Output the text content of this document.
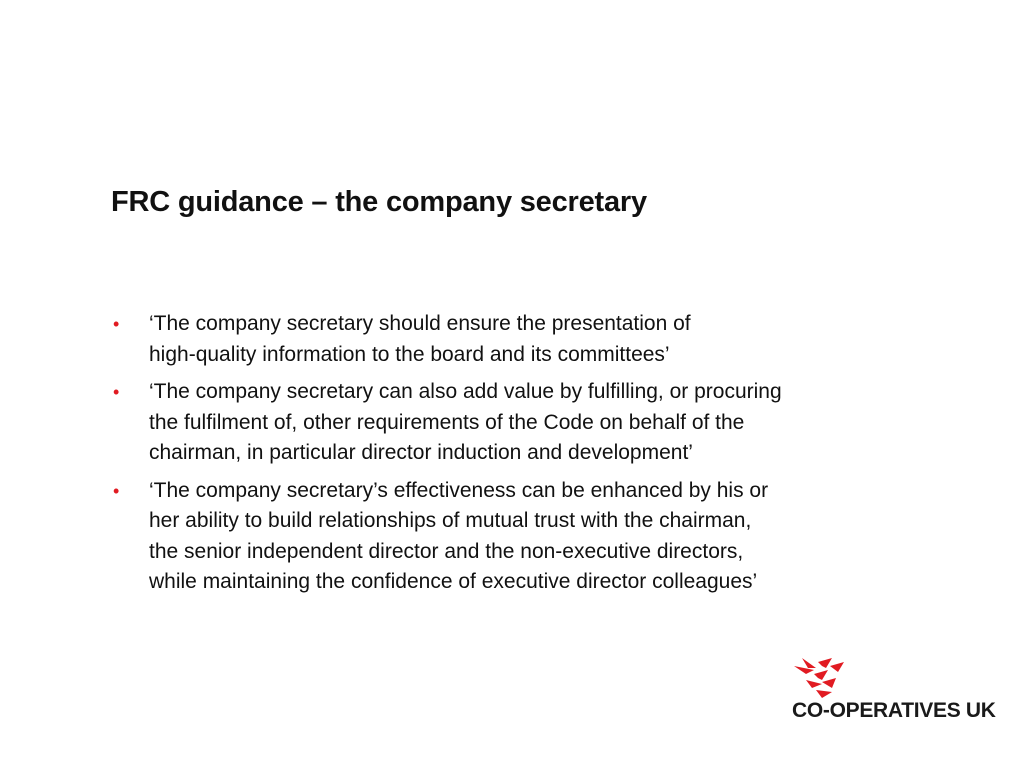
FRC guidance – the company secretary
• ‘The company secretary should ensure the presentation of
high-quality information to the board and its committees’
• ‘The company secretary can also add value by fulfilling, or procuring
the fulfilment of, other requirements of the Code on behalf of the
chairman, in particular director induction and development’
• ‘The company secretary’s effectiveness can be enhanced by his or
her ability to build relationships of mutual trust with the chairman,
the senior independent director and the non-executive directors,
while maintaining the confidence of executive director colleagues’
CO-OPERATIVES UK
